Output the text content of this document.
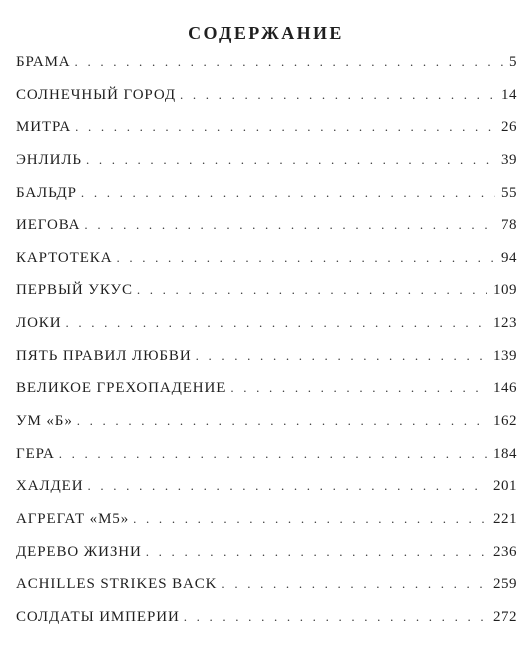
СОДЕРЖАНИЕ
БРАМА . . .	5
СОЛНЕЧНЫЙ ГОРОД . . .	14
МИТРА . . .	26
ЭНЛИЛЬ . . .	39
БАЛЬДР . . .	55
ИЕГОВА . . .	78
КАРТОТЕКА . . .	94
ПЕРВЫЙ УКУС . . .	109
ЛОКИ . . .	123
ПЯТЬ ПРАВИЛ ЛЮБВИ . . .	139
ВЕЛИКОЕ ГРЕХОПАДЕНИЕ . . .	146
УМ «Б» . . .	162
ГЕРА . . .	184
ХАЛДЕИ . . .	201
АГРЕГАТ «М5» . . .	221
ДЕРЕВО ЖИЗНИ . . .	236
ACHILLES STRIKES BACK . . .	259
СОЛДАТЫ ИМПЕРИИ . . .	272
